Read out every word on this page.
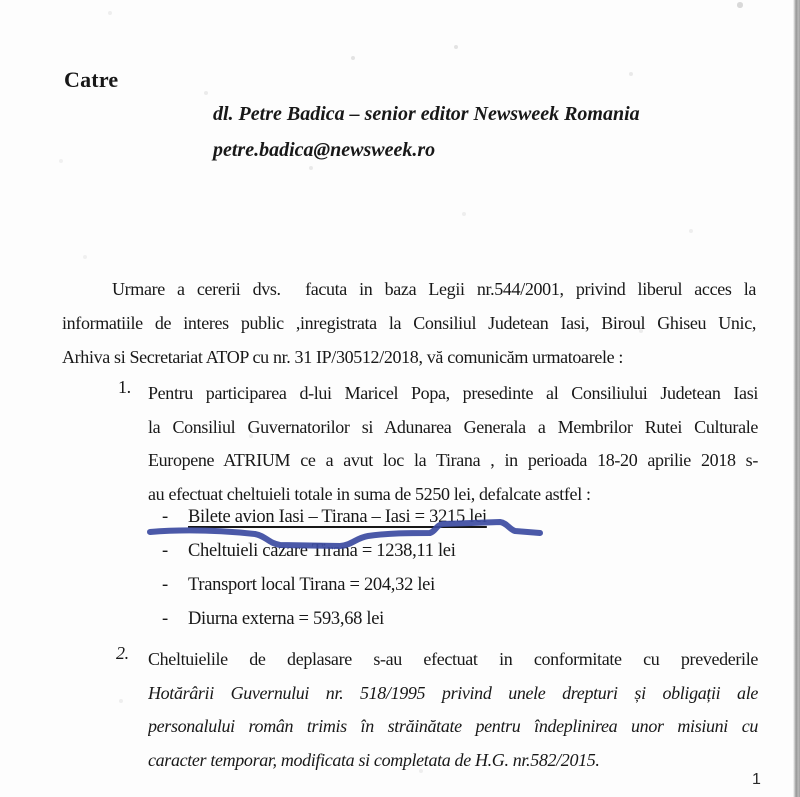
Catre
dl. Petre Badica – senior editor Newsweek Romania
petre.badica@newsweek.ro
Urmare a cererii dvs.  facuta in baza Legii nr.544/2001, privind liberul acces la
informatiile de interes public ,inregistrata la Consiliul Judetean Iasi, Biroul Ghiseu Unic,
Arhiva si Secretariat ATOP cu nr. 31 IP/30512/2018, vă comunicăm urmatoarele :
1. Pentru participarea d-lui Maricel Popa, presedinte al Consiliului Judetean Iasi
la Consiliul Guvernatorilor si Adunarea Generala a Membrilor Rutei Culturale
Europene ATRIUM ce a avut loc la Tirana , in perioada 18-20 aprilie 2018 s-
au efectuat cheltuieli totale in suma de 5250 lei, defalcate astfel :
- Bilete avion Iasi – Tirana – Iasi = 3215 lei
- Cheltuieli cazare Tirana = 1238,11 lei
- Transport local Tirana = 204,32 lei
- Diurna externa = 593,68 lei
2.	Cheltuielile de deplasare s-au efectuat in conformitate cu prevederile
Hotărârii Guvernului nr. 518/1995 privind unele drepturi și obligații ale
personalului român trimis în străinătate pentru îndeplinirea unor misiuni cu
caracter temporar, modificata si completata de H.G. nr.582/2015.
1
